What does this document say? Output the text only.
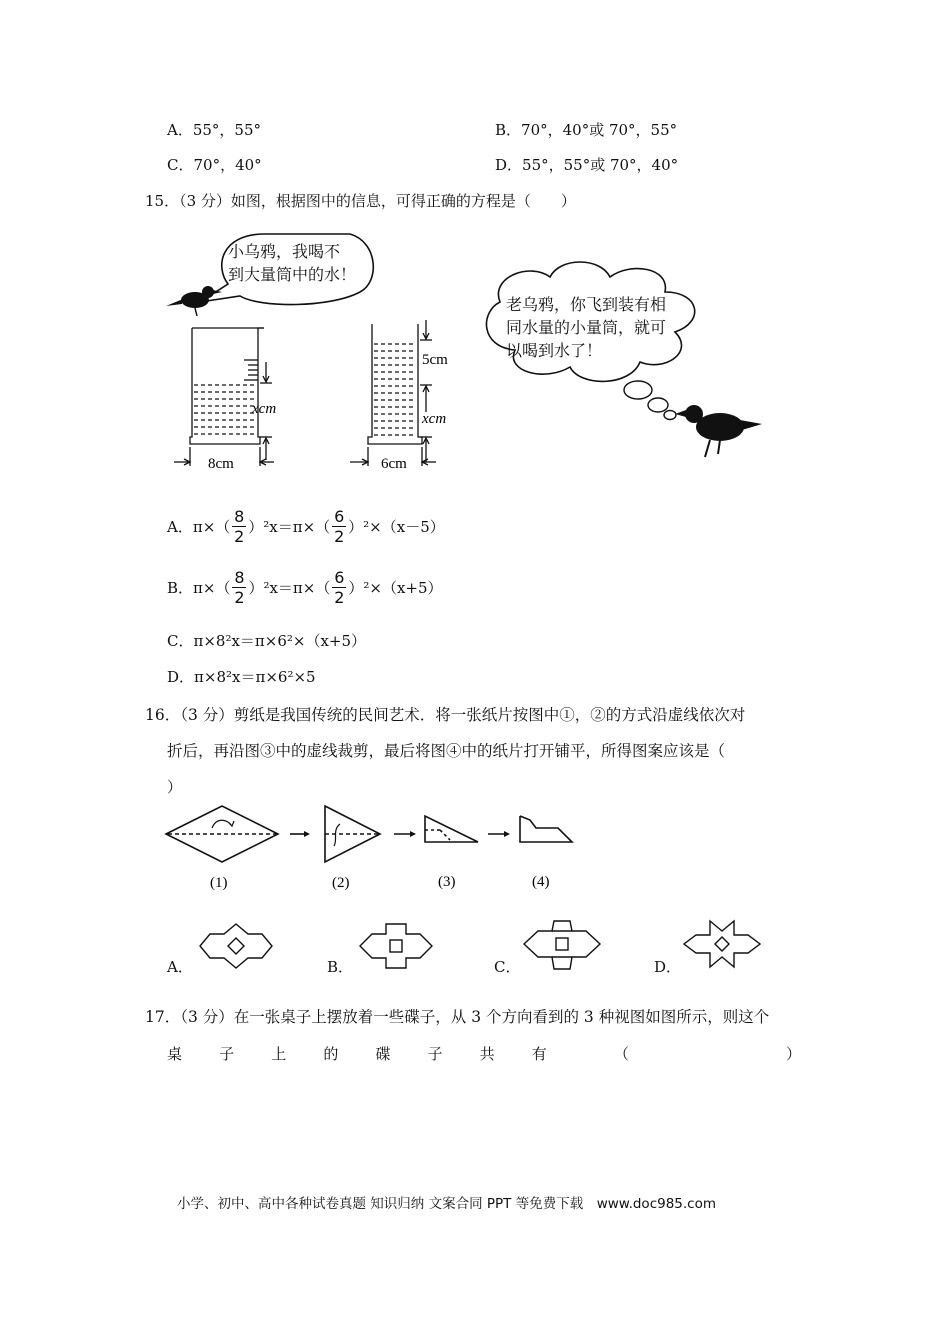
A．55°，55°	B．70°，40°或 70°，55°
C．70°，40°	D．55°，55°或 70°，40°
15．（3 分）如图，根据图中的信息，可得正确的方程是（　　）
xcm
8cm
5cm
xcm
6cm
小乌鸦，我喝不
到大量筒中的水！
老乌鸦，你飞到装有相
同水量的小量筒，就可
以喝到水了！
A．$\pi\times( \frac{8}{2} )^2x=\pi\times( \frac{6}{2} )^2\times(x-5)$
B．$\pi\times( \frac{8}{2} )^2x=\pi\times( \frac{6}{2} )^2\times(x+5)$
C．π×8²x＝π×6²×（x+5）
D．π×8²x＝π×6²×5
16．（3 分）剪纸是我国传统的民间艺术．将一张纸片按图中①，②的方式沿虚线依次对
折后，再沿图③中的虚线裁剪，最后将图④中的纸片打开铺平，所得图案应该是（
）
(1)	(2)	(3)	(4)
A．	B．	C．	D．
17．（3 分）在一张桌子上摆放着一些碟子，从 3 个方向看到的 3 种视图如图所示，则这个
桌 子 上 的 碟 子 共 有	（	）
小学、初中、高中各种试卷真题 知识归纳 文案合同 PPT 等免费下载　www.doc985.com
